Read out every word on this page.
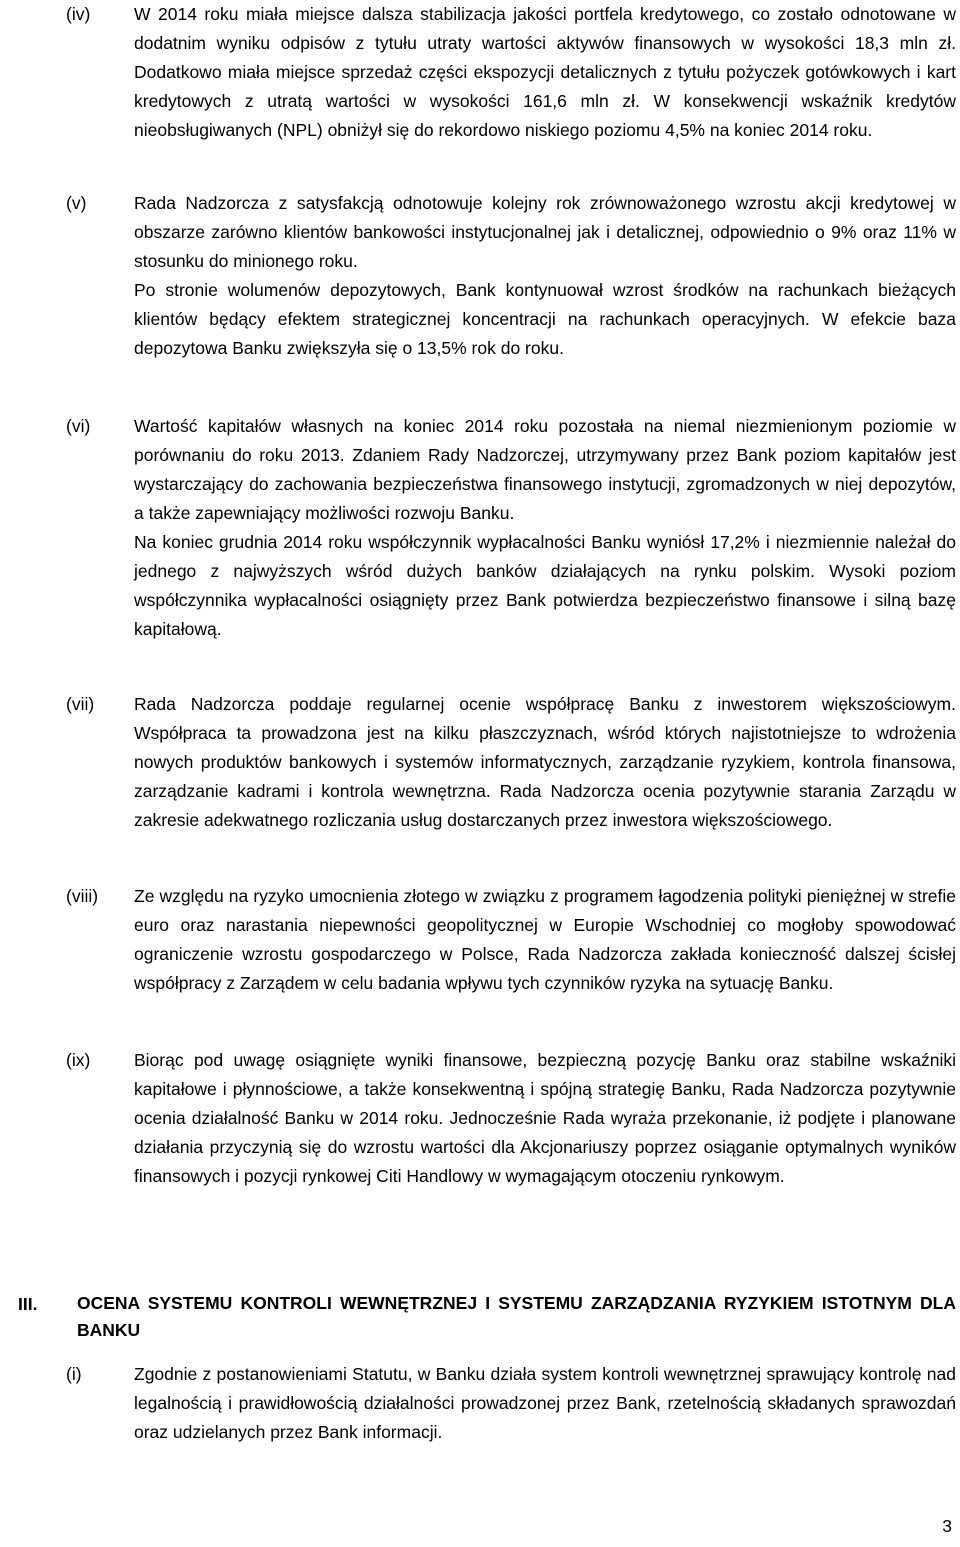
(iv)	W 2014 roku miała miejsce dalsza stabilizacja jakości portfela kredytowego, co zostało odnotowane w dodatnim wyniku odpisów z tytułu utraty wartości aktywów finansowych w wysokości 18,3 mln zł. Dodatkowo miała miejsce sprzedaż części ekspozycji detalicznych z tytułu pożyczek gotówkowych i kart kredytowych z utratą wartości w wysokości 161,6 mln zł. W konsekwencji wskaźnik kredytów nieobsługiwanych (NPL) obniżył się do rekordowo niskiego poziomu 4,5% na koniec 2014 roku.

(v)	Rada Nadzorcza z satysfakcją odnotowuje kolejny rok zrównoważonego wzrostu akcji kredytowej w obszarze zarówno klientów bankowości instytucjonalnej jak i detalicznej, odpowiednio o 9% oraz 11% w stosunku do minionego roku.

Po stronie wolumenów depozytowych, Bank kontynuował wzrost środków na rachunkach bieżących klientów będący efektem strategicznej koncentracji na rachunkach operacyjnych. W efekcie baza depozytowa Banku zwiększyła się o 13,5% rok do roku.

(vi)	Wartość kapitałów własnych na koniec 2014 roku pozostała na niemal niezmienionym poziomie w porównaniu do roku 2013. Zdaniem Rady Nadzorczej, utrzymywany przez Bank poziom kapitałów jest wystarczający do zachowania bezpieczeństwa finansowego instytucji, zgromadzonych w niej depozytów, a także zapewniający możliwości rozwoju Banku.

Na koniec grudnia 2014 roku współczynnik wypłacalności Banku wyniósł 17,2% i niezmiennie należał do jednego z najwyższych wśród dużych banków działających na rynku polskim. Wysoki poziom współczynnika wypłacalności osiągnięty przez Bank potwierdza bezpieczeństwo finansowe i silną bazę kapitałową.

(vii)	Rada Nadzorcza poddaje regularnej ocenie współpracę Banku z inwestorem większościowym. Współpraca ta prowadzona jest na kilku płaszczyznach, wśród których najistotniejsze to wdrożenia nowych produktów bankowych i systemów informatycznych, zarządzanie ryzykiem, kontrola finansowa, zarządzanie kadrami i kontrola wewnętrzna. Rada Nadzorcza ocenia pozytywnie starania Zarządu w zakresie adekwatnego rozliczania usług dostarczanych przez inwestora większościowego.

(viii)	Ze względu na ryzyko umocnienia złotego w związku z programem łagodzenia polityki pieniężnej w strefie euro oraz narastania niepewności geopolitycznej w Europie Wschodniej co mogłoby spowodować ograniczenie wzrostu gospodarczego w Polsce, Rada Nadzorcza zakłada konieczność dalszej ścisłej współpracy z Zarządem w celu badania wpływu tych czynników ryzyka na sytuację Banku.

(ix)	Biorąc pod uwagę osiągnięte wyniki finansowe, bezpieczną pozycję Banku oraz stabilne wskaźniki kapitałowe i płynnościowe, a także konsekwentną i spójną strategię Banku, Rada Nadzorcza pozytywnie ocenia działalność Banku w 2014 roku. Jednocześnie Rada wyraża przekonanie, iż podjęte i planowane działania przyczynią się do wzrostu wartości dla Akcjonariuszy poprzez osiąganie optymalnych wyników finansowych i pozycji rynkowej Citi Handlowy w wymagającym otoczeniu rynkowym.

III. OCENA SYSTEMU KONTROLI WEWNĘTRZNEJ I SYSTEMU ZARZĄDZANIA RYZYKIEM ISTOTNYM DLA BANKU
(i)	Zgodnie z postanowieniami Statutu, w Banku działa system kontroli wewnętrznej sprawujący kontrolę nad legalnością i prawidłowością działalności prowadzonej przez Bank, rzetelnością składanych sprawozdań oraz udzielanych przez Bank informacji.

3
